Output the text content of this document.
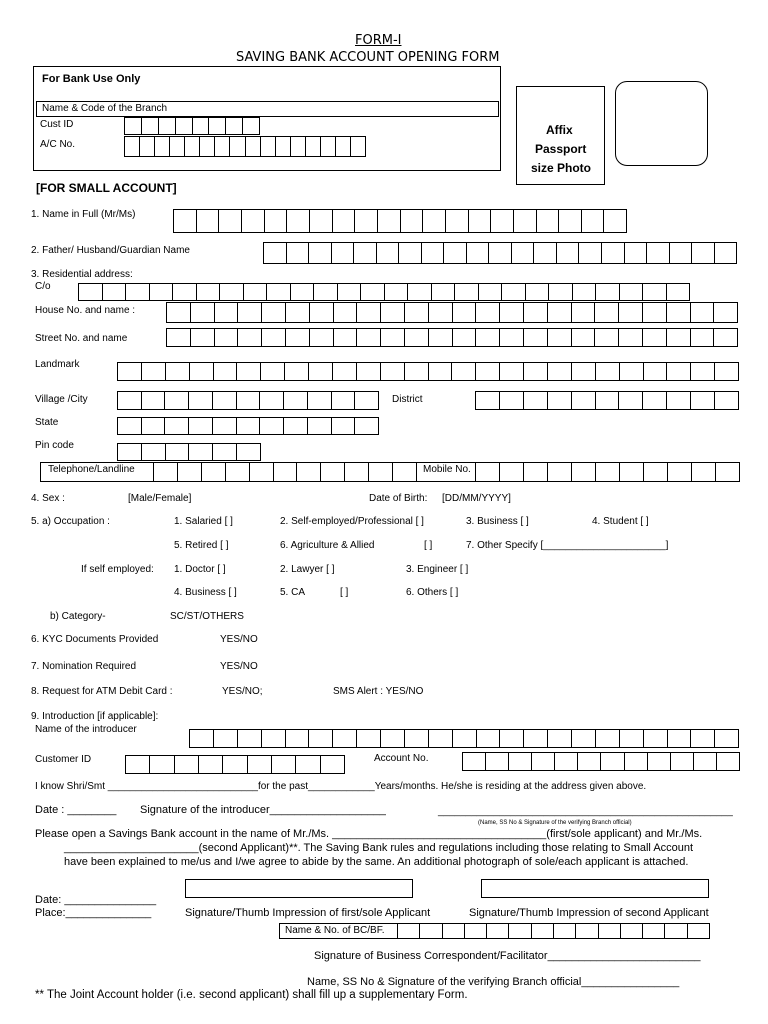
FORM-I
SAVING BANK ACCOUNT OPENING FORM
For Bank Use Only
Name & Code of the Branch
Cust ID
A/C No.
Affix
Passport
size Photo
[FOR SMALL ACCOUNT]
1. Name in Full (Mr/Ms)
2. Father/ Husband/Guardian Name
3. Residential address:
C/o
House No. and name :
Street No. and name
Landmark
Village /City	District
State
Pin code
Telephone/Landline	Mobile No.
4. Sex :	[Male/Female]	Date of Birth: [DD/MM/YYYY]
5. a) Occupation :	1. Salaried [ ]	2. Self-employed/Professional [ ]	3. Business [ ]	4. Student [ ]
5. Retired [ ]	6. Agriculture & Allied	[ ]	7. Other Specify [______________________]
If self employed: 1. Doctor [ ]	2. Lawyer [ ]	3. Engineer [ ]
4. Business [ ]	5. CA	[ ]	6. Others [ ]
b) Category-	SC/ST/OTHERS
6. KYC Documents Provided	YES/NO
7. Nomination Required	YES/NO
8. Request for ATM Debit Card :	YES/NO;	SMS Alert : YES/NO
9. Introduction [if applicable]:
Name of the introducer
Customer ID	Account No.
I know Shri/Smt ___________________________for the past____________Years/months. He/she is residing at the address given above.
Date : ________ Signature of the introducer___________________	_____________________________________________________
(Name, SS No & Signature of the verifying Branch official)
Please open a Savings Bank account in the name of Mr./Ms. ___________________________________(first/sole applicant) and Mr./Ms.
______________________(second Applicant)**. The Saving Bank rules and regulations including those relating to Small Account
have been explained to me/us and I/we agree to abide by the same. An additional photograph of sole/each applicant is attached.
Date: _______________
Place:______________	Signature/Thumb Impression of first/sole Applicant	Signature/Thumb Impression of second Applicant
Name & No. of BC/BF.
Signature of Business Correspondent/Facilitator_________________________
Name, SS No & Signature of the verifying Branch official________________
** The Joint Account holder (i.e. second applicant) shall fill up a supplementary Form.
